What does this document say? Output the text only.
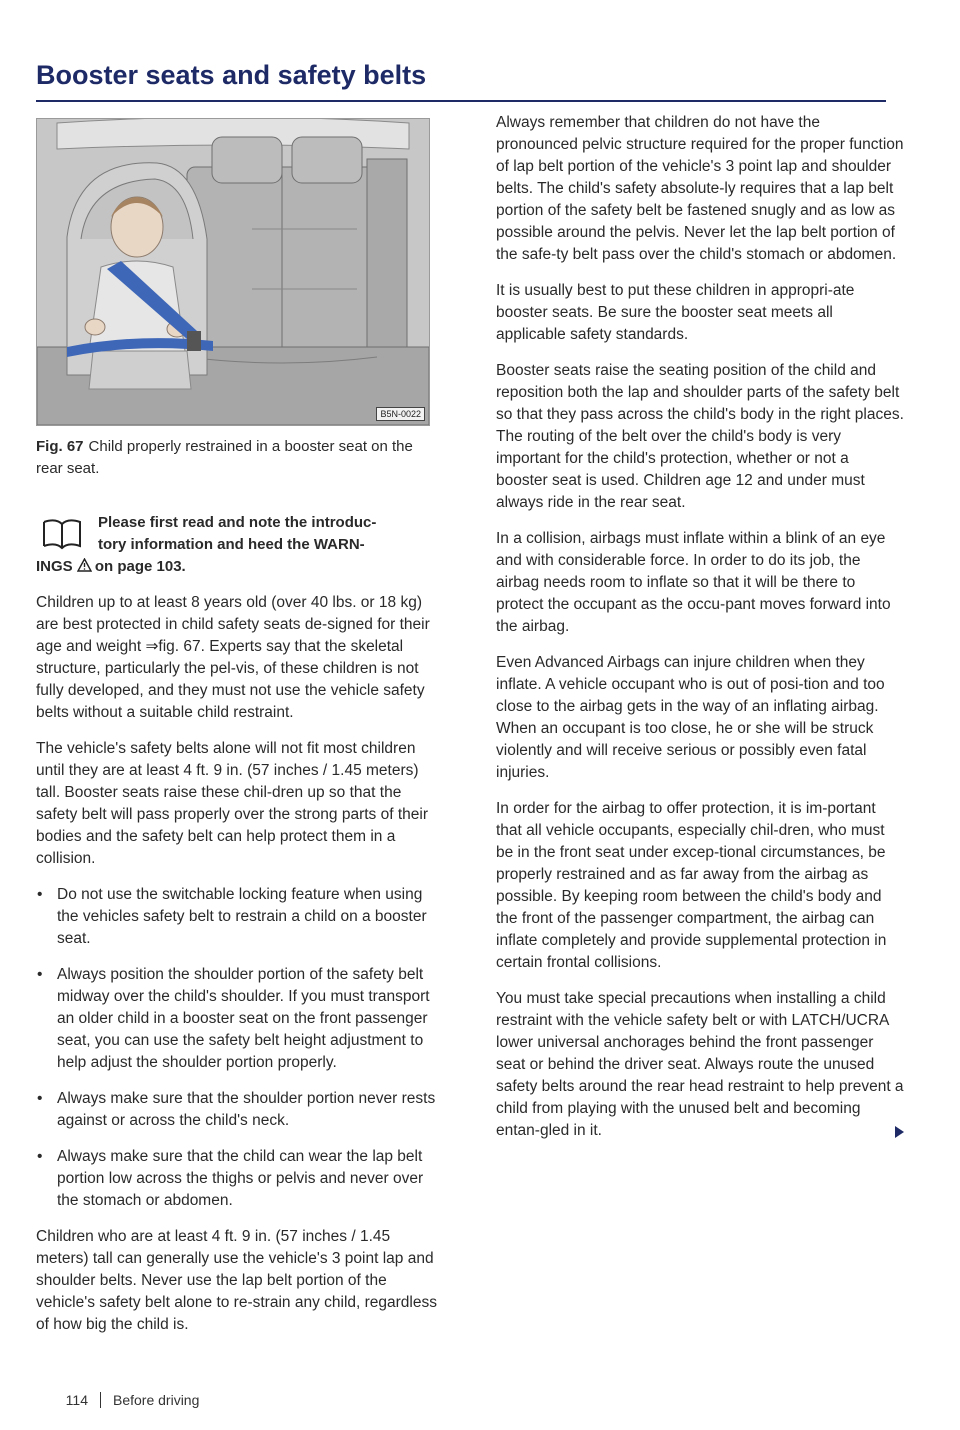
Booster seats and safety belts
B5N-0022
Fig. 67 Child properly restrained in a booster seat on the rear seat.
Please first read and note the introduc-
tory information and heed the WARN-
INGS on page 103.

Children up to at least 8 years old (over 40 lbs. or 18 kg) are best protected in child safety seats de-signed for their age and weight ⇒fig. 67. Experts say that the skeletal structure, particularly the pel-vis, of these children is not fully developed, and they must not use the vehicle safety belts without a suitable child restraint.

The vehicle's safety belts alone will not fit most children until they are at least 4 ft. 9 in. (57 inches / 1.45 meters) tall. Booster seats raise these chil-dren up so that the safety belt will pass properly over the strong parts of their bodies and the safety belt can help protect them in a collision.

• Do not use the switchable locking feature when using the vehicles safety belt to restrain a child on a booster seat.

• Always position the shoulder portion of the safety belt midway over the child's shoulder. If you must transport an older child in a booster seat on the front passenger seat, you can use the safety belt height adjustment to help adjust the shoulder portion properly.

• Always make sure that the shoulder portion never rests against or across the child's neck.

• Always make sure that the child can wear the lap belt portion low across the thighs or pelvis and never over the stomach or abdomen.

Children who are at least 4 ft. 9 in. (57 inches / 1.45 meters) tall can generally use the vehicle's 3 point lap and shoulder belts. Never use the lap belt portion of the vehicle's safety belt alone to re-strain any child, regardless of how big the child is.

Always remember that children do not have the pronounced pelvic structure required for the proper function of lap belt portion of the vehicle's 3 point lap and shoulder belts. The child's safety absolute-ly requires that a lap belt portion of the safety belt be fastened snugly and as low as possible around the pelvis. Never let the lap belt portion of the safe-ty belt pass over the child's stomach or abdomen.

It is usually best to put these children in appropri-ate booster seats. Be sure the booster seat meets all applicable safety standards.

Booster seats raise the seating position of the child and reposition both the lap and shoulder parts of the safety belt so that they pass across the child's body in the right places. The routing of the belt over the child's body is very important for the child's protection, whether or not a booster seat is used. Children age 12 and under must always ride in the rear seat.

In a collision, airbags must inflate within a blink of an eye and with considerable force. In order to do its job, the airbag needs room to inflate so that it will be there to protect the occupant as the occu-pant moves forward into the airbag.

Even Advanced Airbags can injure children when they inflate. A vehicle occupant who is out of posi-tion and too close to the airbag gets in the way of an inflating airbag. When an occupant is too close, he or she will be struck violently and will receive serious or possibly even fatal injuries.

In order for the airbag to offer protection, it is im-portant that all vehicle occupants, especially chil-dren, who must be in the front seat under excep-tional circumstances, be properly restrained and as far away from the airbag as possible. By keeping room between the child's body and the front of the passenger compartment, the airbag can inflate completely and provide supplemental protection in certain frontal collisions.

You must take special precautions when installing a child restraint with the vehicle safety belt or with LATCH/UCRA lower universal anchorages behind the front passenger seat or behind the driver seat. Always route the unused safety belts around the rear head restraint to help prevent a child from playing with the unused belt and becoming entan-gled in it.

114 Before driving
